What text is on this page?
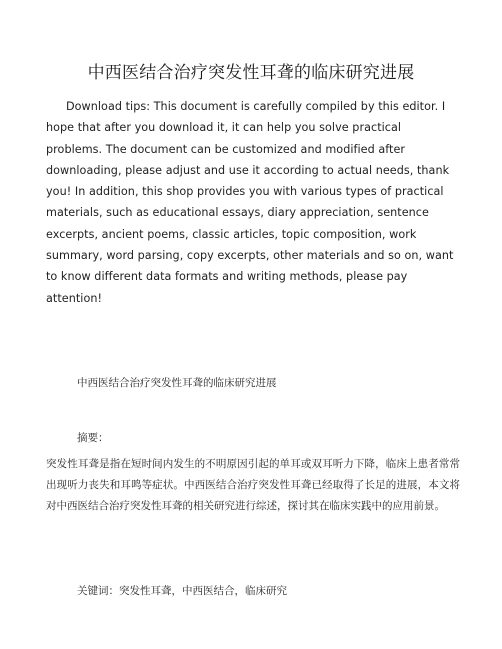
中西医结合治疗突发性耳聋的临床研究进展

Download tips: This document is carefully compiled by this editor. I hope that after you download it, it can help you solve practical problems. The document can be customized and modified after downloading, please adjust and use it according to actual needs, thank you! In addition, this shop provides you with various types of practical materials, such as educational essays, diary appreciation, sentence excerpts, ancient poems, classic articles, topic composition, work summary, word parsing, copy excerpts, other materials and so on, want to know different data formats and writing methods, please pay attention!

中西医结合治疗突发性耳聋的临床研究进展

摘要：

突发性耳聋是指在短时间内发生的不明原因引起的单耳或双耳听力下降，临床上患者常常出现听力丧失和耳鸣等症状。中西医结合治疗突发性耳聋已经取得了长足的进展，本文将对中西医结合治疗突发性耳聋的相关研究进行综述，探讨其在临床实践中的应用前景。

关键词：突发性耳聋，中西医结合，临床研究
